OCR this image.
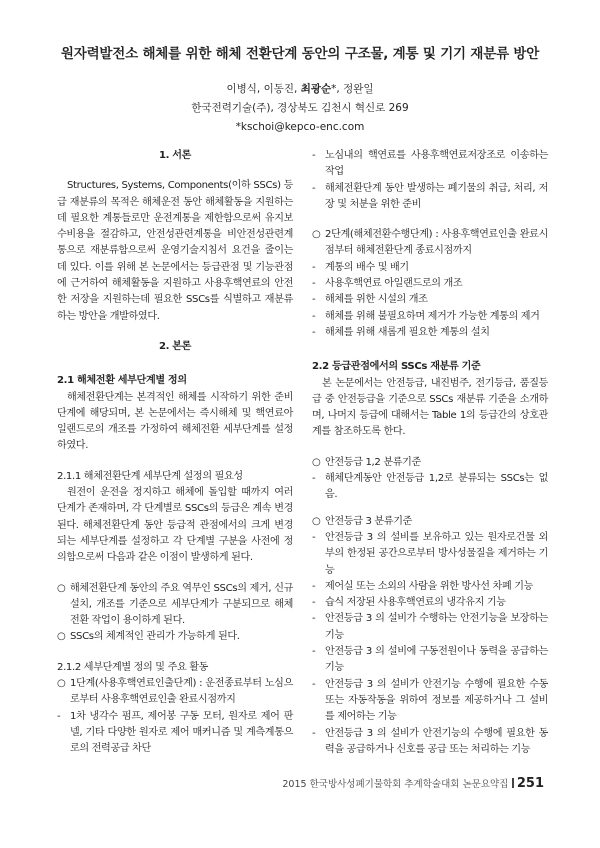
원자력발전소 해체를 위한 해체 전환단계 동안의 구조물, 계통 및 기기 재분류 방안
이병식, 이동진, 최광순*, 정완일
한국전력기술(주), 경상북도 김천시 혁신로 269
*kschoi@kepco-enc.com
1. 서론
Structures, Systems, Components(이하 SSCs) 등급 재분류의 목적은 해체운전 동안 해체활동을 지원하는데 필요한 계통들로만 운전계통을 제한함으로써 유지보수비용을 절감하고, 안전성관련계통을 비안전성관련계통으로 재분류함으로써 운영기술지침서 요건을 줄이는데 있다. 이를 위해 본 논문에서는 등급관점 및 기능관점에 근거하여 해체활동을 지원하고 사용후핵연료의 안전한 저장을 지원하는데 필요한 SSCs를 식별하고 재분류하는 방안을 개발하였다.
2. 본론
2.1 해체전환 세부단계별 정의
해체전환단계는 본격적인 해체를 시작하기 위한 준비단계에 해당되며, 본 논문에서는 즉시해체 및 핵연료아일랜드로의 개조를 가정하여 해체전환 세부단계를 설정하였다.
2.1.1 해체전환단계 세부단계 설정의 필요성
원전이 운전을 정지하고 해체에 돌입할 때까지 여러 단계가 존재하며, 각 단계별로 SSCs의 등급은 계속 변경된다. 해체전환단계 동안 등급적 관점에서의 크게 변경되는 세부단계를 설정하고 각 단계별 구분을 사전에 정의함으로써 다음과 같은 이점이 발생하게 된다.
○ 해체전환단계 동안의 주요 역무인 SSCs의 제거, 신규설치, 개조를 기준으로 세부단계가 구분되므로 해체전환 작업이 용이하게 된다.
○ SSCs의 체계적인 관리가 가능하게 된다.
2.1.2 세부단계별 정의 및 주요 활동
○ 1단계(사용후핵연료인출단계) : 운전종료부터 노심으로부터 사용후핵연료인출 완료시점까지
- 1차 냉각수 펌프, 제어봉 구동 모터, 원자로 제어 판넬, 기타 다양한 원자로 제어 매커니즘 및 계측계통으로의 전력공급 차단
- 노심내의 핵연료를 사용후핵연료저장조로 이송하는 작업
- 해체전환단계 동안 발생하는 폐기물의 취급, 처리, 저장 및 처분을 위한 준비
○ 2단계(해체전환수행단계) : 사용후핵연료인출 완료시점부터 해체전환단계 종료시점까지
- 계통의 배수 및 배기
- 사용후핵연료 아일랜드로의 개조
- 해체를 위한 시설의 개조
- 해체를 위해 불필요하며 제거가 가능한 계통의 제거
- 해체를 위해 새롭게 필요한 계통의 설치
2.2 등급관점에서의 SSCs 재분류 기준
본 논문에서는 안전등급, 내진범주, 전기등급, 품질등급 중 안전등급을 기준으로 SSCs 재분류 기준을 소개하며, 나머지 등급에 대해서는 Table 1의 등급간의 상호관계를 참조하도록 한다.
○ 안전등급 1,2 분류기준
- 해체단계동안 안전등급 1,2로 분류되는 SSCs는 없음.
○ 안전등급 3 분류기준
- 안전등급 3 의 설비를 보유하고 있는 원자로건물 외부의 한정된 공간으로부터 방사성물질을 제거하는 기능
- 제어실 또는 소외의 사람을 위한 방사선 차폐 기능
- 습식 저장된 사용후핵연료의 냉각유지 기능
- 안전등급 3 의 설비가 수행하는 안전기능을 보장하는 기능
- 안전등급 3 의 설비에 구동전원이나 동력을 공급하는 기능
- 안전등급 3 의 설비가 안전기능 수행에 필요한 수동 또는 자동작동을 위하여 정보를 제공하거나 그 설비를 제어하는 기능
- 안전등급 3 의 설비가 안전기능의 수행에 필요한 동력을 공급하거나 신호를 공급 또는 처리하는 기능
2015 한국방사성폐기물학회 추계학술대회 논문요약집 251
